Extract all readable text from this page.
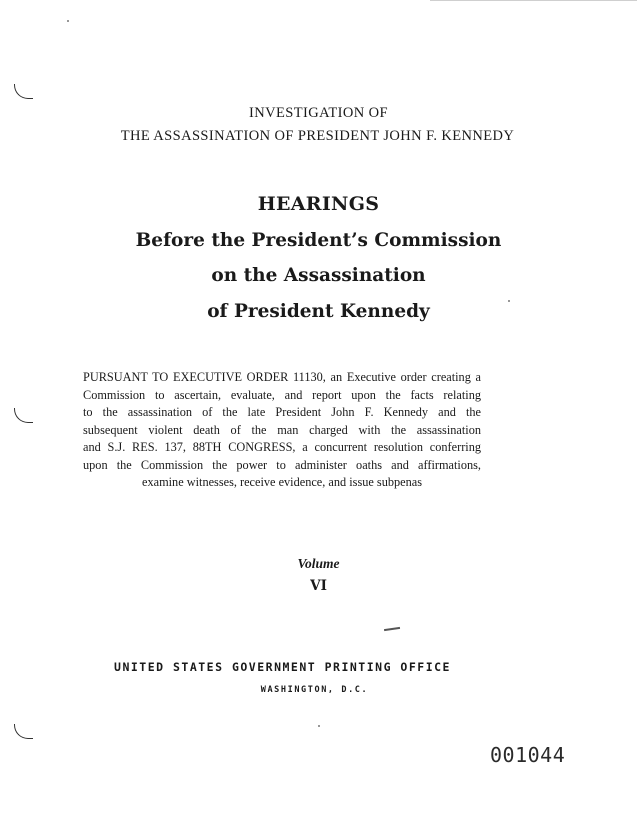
INVESTIGATION OF
THE ASSASSINATION OF PRESIDENT JOHN F. KENNEDY
HEARINGS
Before the President’s Commission
on the Assassination
of President Kennedy
PURSUANT TO EXECUTIVE ORDER 11130, an Executive order creating a
Commission to ascertain, evaluate, and report upon the facts relating
to the assassination of the late President John F. Kennedy and the
subsequent violent death of the man charged with the assassination
and S.J. RES. 137, 88TH CONGRESS, a concurrent resolution conferring
upon the Commission the power to administer oaths and affirmations,
examine witnesses, receive evidence, and issue subpenas
Volume
VI
UNITED STATES GOVERNMENT PRINTING OFFICE
WASHINGTON, D.C.
001044
